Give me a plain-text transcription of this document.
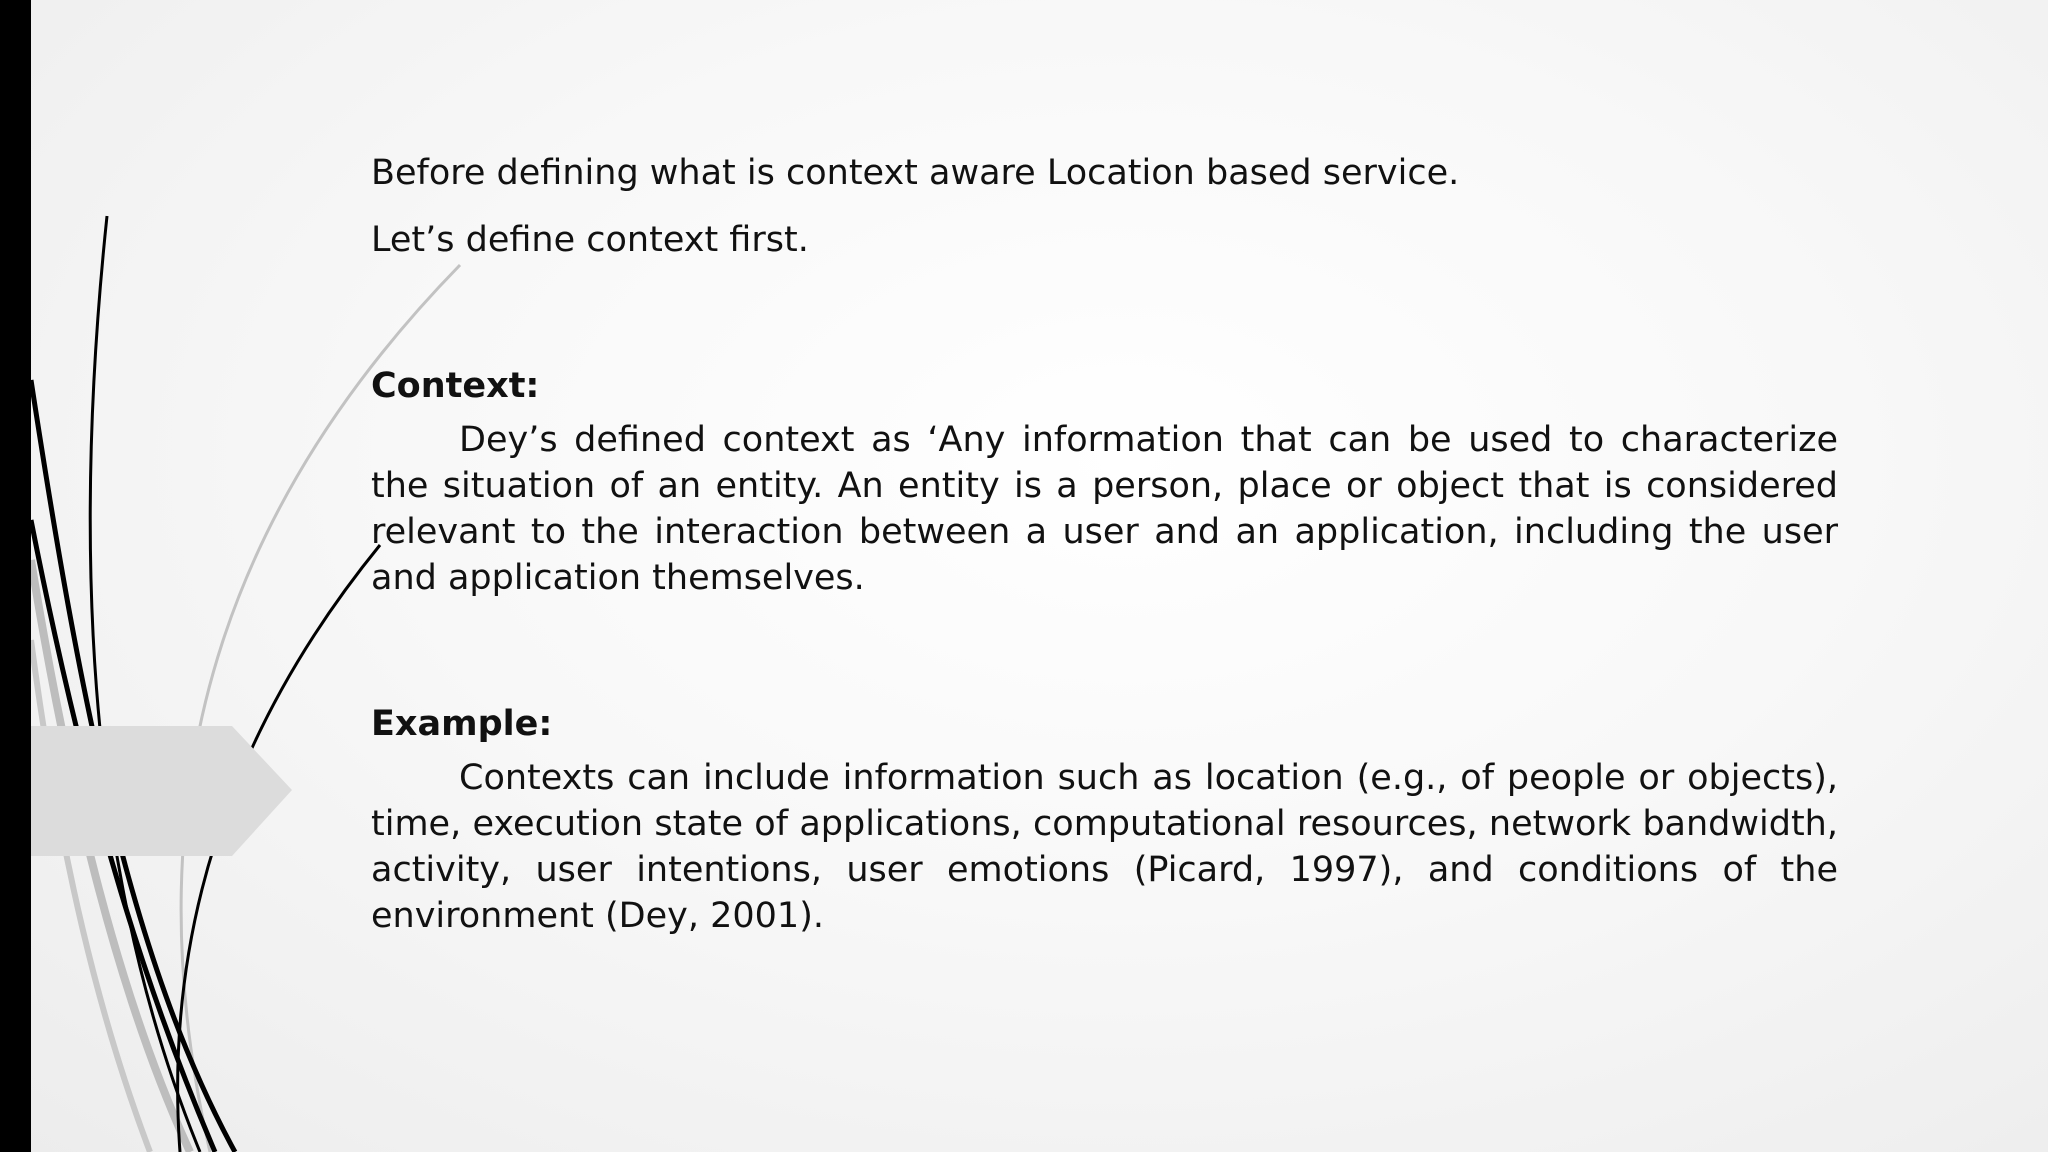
Before defining what is context aware Location based service.

Let’s define context first.

Context:

Dey’s defined context as ‘Any information that can be used to characterize the situation of an entity. An entity is a person, place or object that is considered relevant to the interaction between a user and an application, including the user and application themselves.

Example:

Contexts can include information such as location (e.g., of people or objects), time, execution state of applications, computational resources, network bandwidth, activity, user intentions, user emotions (Picard, 1997), and conditions of the environment (Dey, 2001).
